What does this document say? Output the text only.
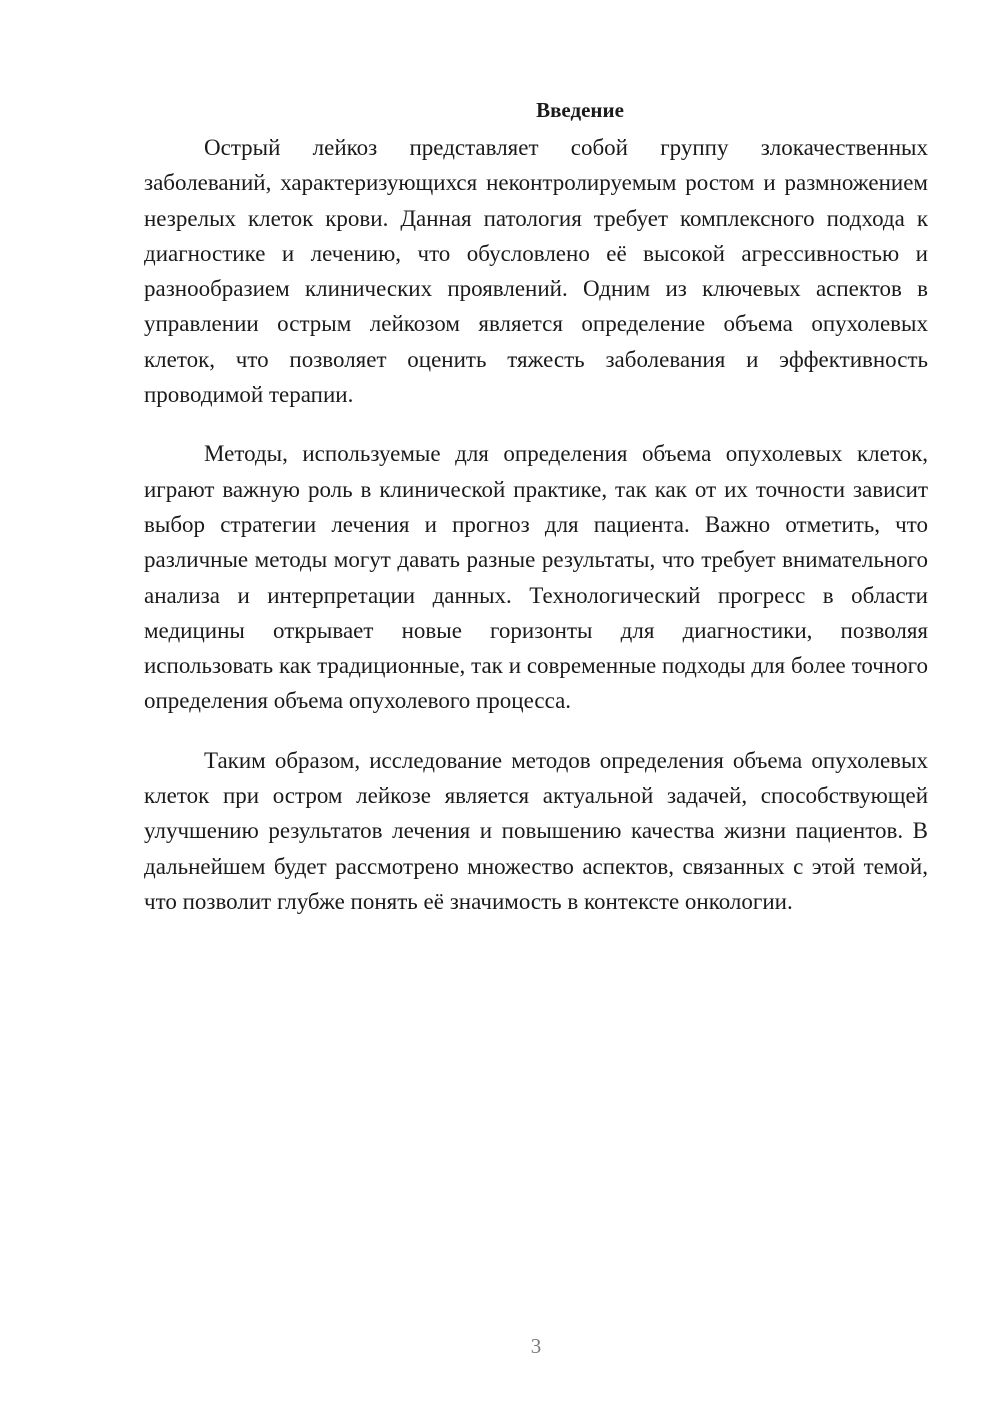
Введение

Острый лейкоз представляет собой группу злокачественных заболеваний, характеризующихся неконтролируемым ростом и размножением незрелых клеток крови. Данная патология требует комплексного подхода к диагностике и лечению, что обусловлено её высокой агрессивностью и разнообразием клинических проявлений. Одним из ключевых аспектов в управлении острым лейкозом является определение объема опухолевых клеток, что позволяет оценить тяжесть заболевания и эффективность проводимой терапии.

Методы, используемые для определения объема опухолевых клеток, играют важную роль в клинической практике, так как от их точности зависит выбор стратегии лечения и прогноз для пациента. Важно отметить, что различные методы могут давать разные результаты, что требует внимательного анализа и интерпретации данных. Технологический прогресс в области медицины открывает новые горизонты для диагностики, позволяя использовать как традиционные, так и современные подходы для более точного определения объема опухолевого процесса.

Таким образом, исследование методов определения объема опухолевых клеток при остром лейкозе является актуальной задачей, способствующей улучшению результатов лечения и повышению качества жизни пациентов. В дальнейшем будет рассмотрено множество аспектов, связанных с этой темой, что позволит глубже понять её значимость в контексте онкологии.

3
